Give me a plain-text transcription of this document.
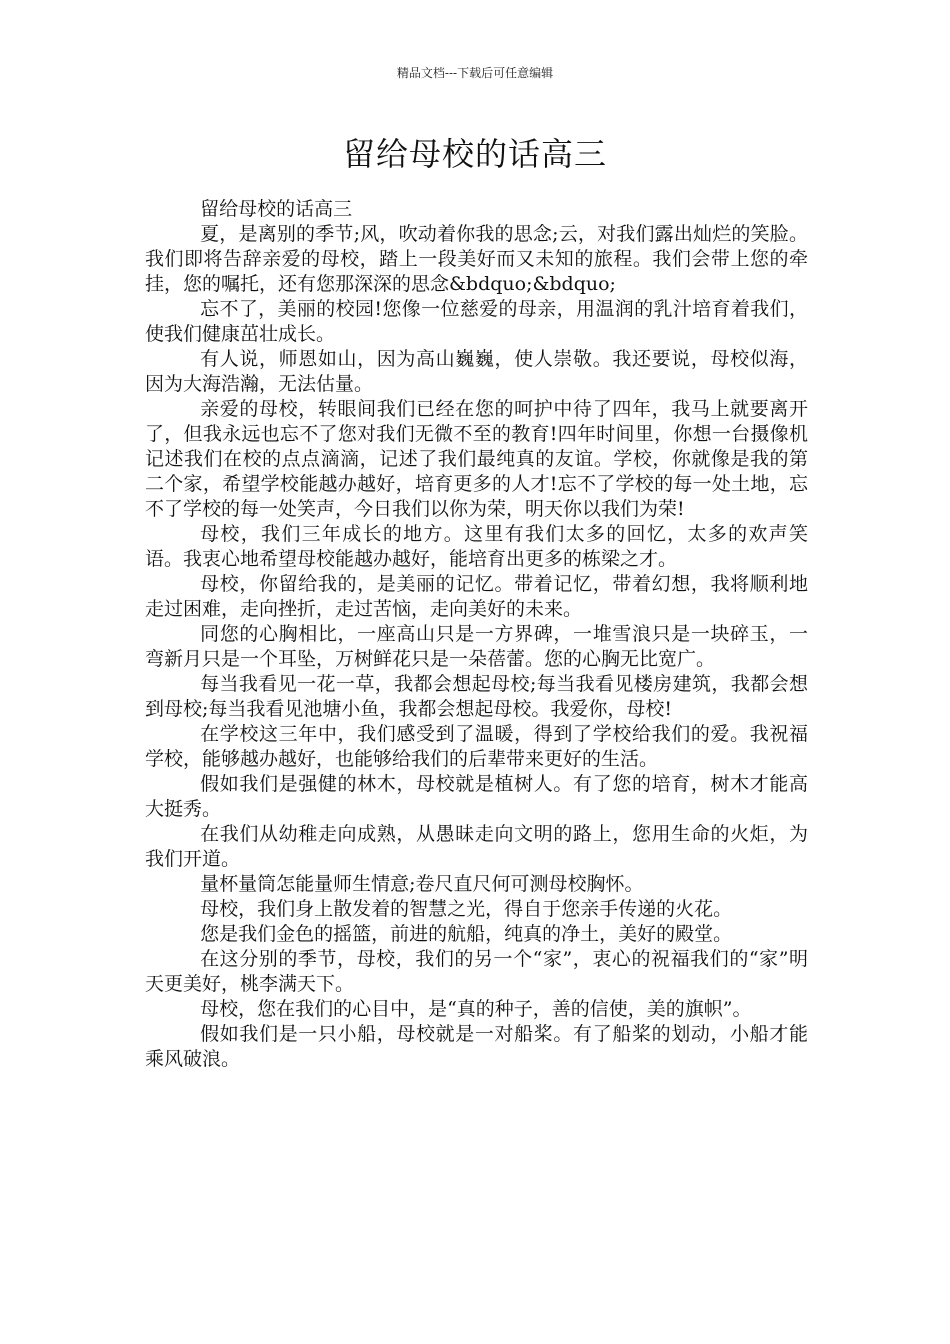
精品文档---下载后可任意编辑
留给母校的话高三

留给母校的话高三

夏，是离别的季节;风，吹动着你我的思念;云，对我们露出灿烂的笑脸。我们即将告辞亲爱的母校，踏上一段美好而又未知的旅程。我们会带上您的牵挂，您的嘱托，还有您那深深的思念&bdquo;&bdquo;

忘不了，美丽的校园!您像一位慈爱的母亲，用温润的乳汁培育着我们，使我们健康茁壮成长。

有人说，师恩如山，因为高山巍巍，使人崇敬。我还要说，母校似海，因为大海浩瀚，无法估量。

亲爱的母校，转眼间我们已经在您的呵护中待了四年，我马上就要离开了，但我永远也忘不了您对我们无微不至的教育!四年时间里，你想一台摄像机记述我们在校的点点滴滴，记述了我们最纯真的友谊。学校，你就像是我的第二个家，希望学校能越办越好，培育更多的人才!忘不了学校的每一处土地，忘不了学校的每一处笑声，今日我们以你为荣，明天你以我们为荣!

母校，我们三年成长的地方。这里有我们太多的回忆，太多的欢声笑语。我衷心地希望母校能越办越好，能培育出更多的栋梁之才。

母校，你留给我的，是美丽的记忆。带着记忆，带着幻想，我将顺利地走过困难，走向挫折，走过苦恼，走向美好的未来。

同您的心胸相比，一座高山只是一方界碑，一堆雪浪只是一块碎玉，一弯新月只是一个耳坠，万树鲜花只是一朵蓓蕾。您的心胸无比宽广。

每当我看见一花一草，我都会想起母校;每当我看见楼房建筑，我都会想到母校;每当我看见池塘小鱼，我都会想起母校。我爱你，母校!

在学校这三年中，我们感受到了温暖，得到了学校给我们的爱。我祝福学校，能够越办越好，也能够给我们的后辈带来更好的生活。

假如我们是强健的林木，母校就是植树人。有了您的培育，树木才能高大挺秀。

在我们从幼稚走向成熟，从愚昧走向文明的路上，您用生命的火炬，为我们开道。

量杯量筒怎能量师生情意;卷尺直尺何可测母校胸怀。

母校，我们身上散发着的智慧之光，得自于您亲手传递的火花。

您是我们金色的摇篮，前进的航船，纯真的净土，美好的殿堂。

在这分别的季节，母校，我们的另一个“家”，衷心的祝福我们的“家”明天更美好，桃李满天下。

母校，您在我们的心目中，是“真的种子，善的信使，美的旗帜”。

假如我们是一只小船，母校就是一对船桨。有了船桨的划动，小船才能乘风破浪。
